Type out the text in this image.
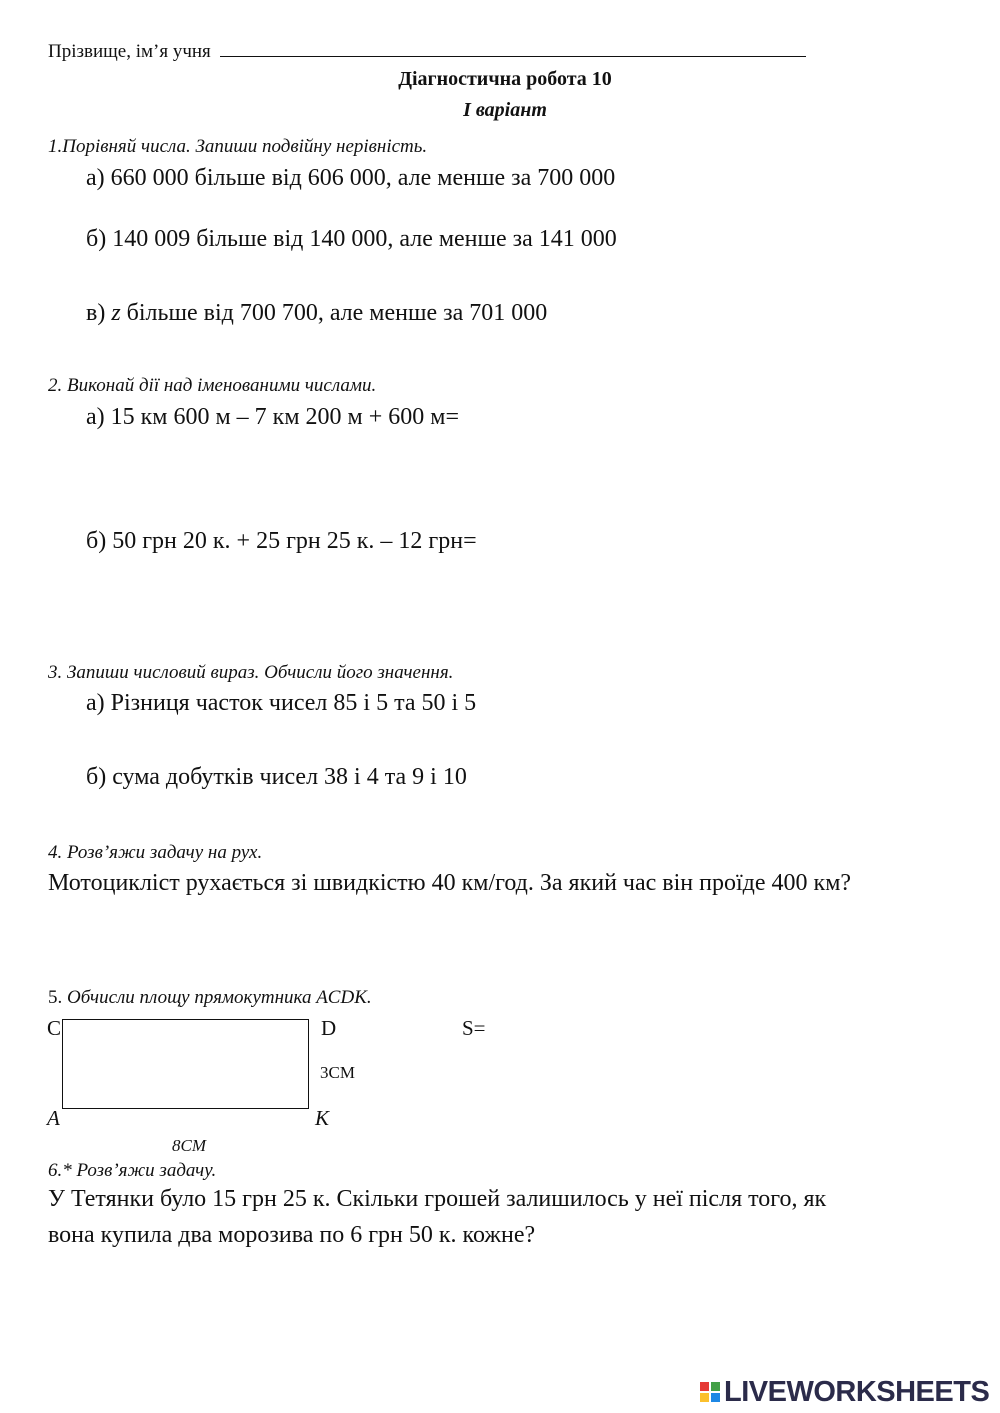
Прізвище, ім’я учня
Діагностична робота 10
І варіант
1.Порівняй числа. Запиши подвійну нерівність.
а) 660 000 більше від 606 000, але менше за 700 000
б) 140 009 більше від 140 000, але менше за 141 000
в) z більше від 700 700, але менше за 701 000
2. Виконай дії над іменованими числами.
а) 15 км 600 м – 7 км 200 м + 600 м=
б) 50 грн 20 к. + 25 грн 25 к. – 12 грн=
3. Запиши числовий вираз. Обчисли його значення.
а) Різниця часток чисел 85 і 5 та 50 і 5
б) сума добутків чисел 38 і 4 та 9 і 10
4. Розв’яжи задачу на рух.
Мотоцикліст рухається зі швидкістю 40 км/год. За який час він проїде 400 км?
5. Обчисли площу прямокутника ACDK.
C	D
A	K
3СМ
8СМ
S=
6.* Розв’яжи задачу.
У Тетянки було 15 грн 25 к. Скільки грошей залишилось у неї після того, як
вона купила два морозива по 6 грн 50 к. кожне?
LIVEWORKSHEETS
